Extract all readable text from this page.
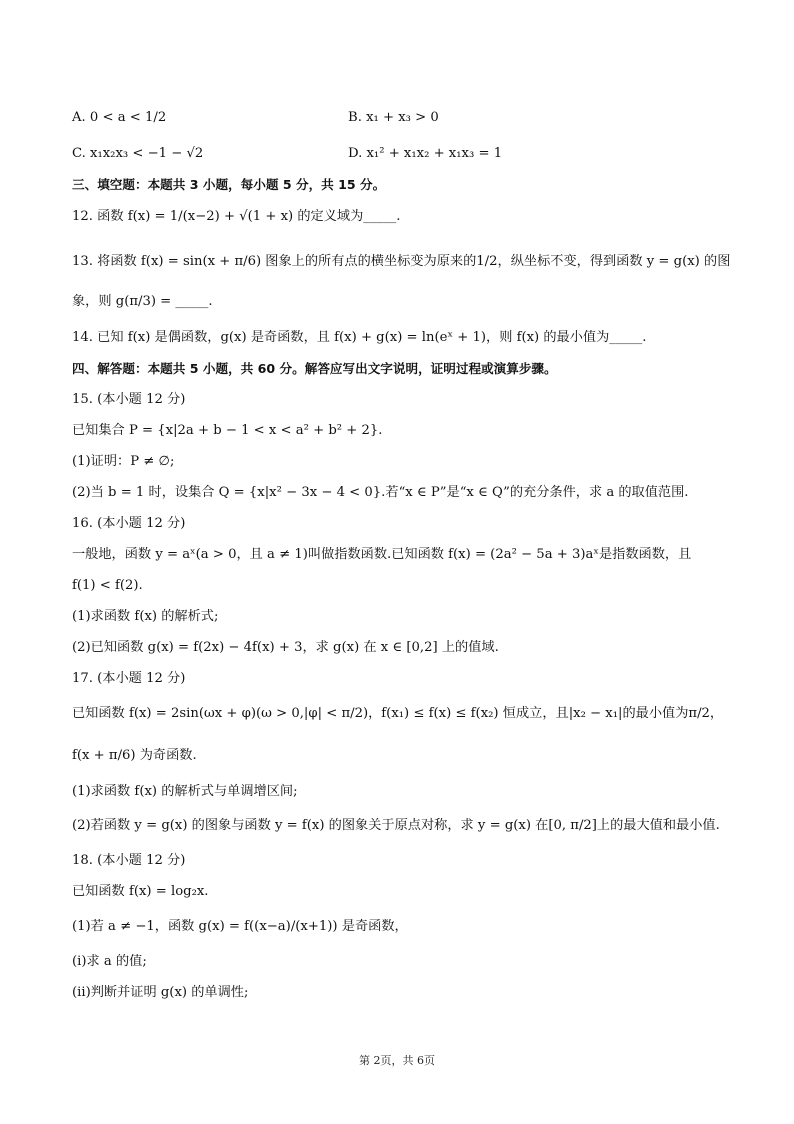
A. 0 < a < 1/2	B. x₁ + x₃ > 0
C. x₁x₂x₃ < −1 − √2	D. x₁² + x₁x₂ + x₁x₃ = 1
三、填空题：本题共 3 小题，每小题 5 分，共 15 分。
12. 函数 f(x) = 1/(x−2) + √(1 + x) 的定义域为_____.
13. 将函数 f(x) = sin(x + π/6) 图象上的所有点的横坐标变为原来的1/2，纵坐标不变，得到函数 y = g(x) 的图
象，则 g(π/3) = _____.
14. 已知 f(x) 是偶函数，g(x) 是奇函数，且 f(x) + g(x) = ln(eˣ + 1)，则 f(x) 的最小值为_____.
四、解答题：本题共 5 小题，共 60 分。解答应写出文字说明，证明过程或演算步骤。
15. (本小题 12 分)
已知集合 P = {x|2a + b − 1 < x < a² + b² + 2}.
(1)证明：P ≠ ∅;
(2)当 b = 1 时，设集合 Q = {x|x² − 3x − 4 < 0}.若“x ∈ P”是“x ∈ Q”的充分条件，求 a 的取值范围.
16. (本小题 12 分)
一般地，函数 y = aˣ(a > 0，且 a ≠ 1)叫做指数函数.已知函数 f(x) = (2a² − 5a + 3)aˣ是指数函数，且
f(1) < f(2).
(1)求函数 f(x) 的解析式;
(2)已知函数 g(x) = f(2x) − 4f(x) + 3，求 g(x) 在 x ∈ [0,2] 上的值域.
17. (本小题 12 分)
已知函数 f(x) = 2sin(ωx + φ)(ω > 0,|φ| < π/2)，f(x₁) ≤ f(x) ≤ f(x₂) 恒成立，且|x₂ − x₁|的最小值为π/2，
f(x + π/6) 为奇函数.
(1)求函数 f(x) 的解析式与单调增区间;
(2)若函数 y = g(x) 的图象与函数 y = f(x) 的图象关于原点对称，求 y = g(x) 在[0, π/2]上的最大值和最小值.
18. (本小题 12 分)
已知函数 f(x) = log₂x.
(1)若 a ≠ −1，函数 g(x) = f((x−a)/(x+1)) 是奇函数，
(ⅰ)求 a 的值;
(ⅱ)判断并证明 g(x) 的单调性;
第 2页，共 6页
